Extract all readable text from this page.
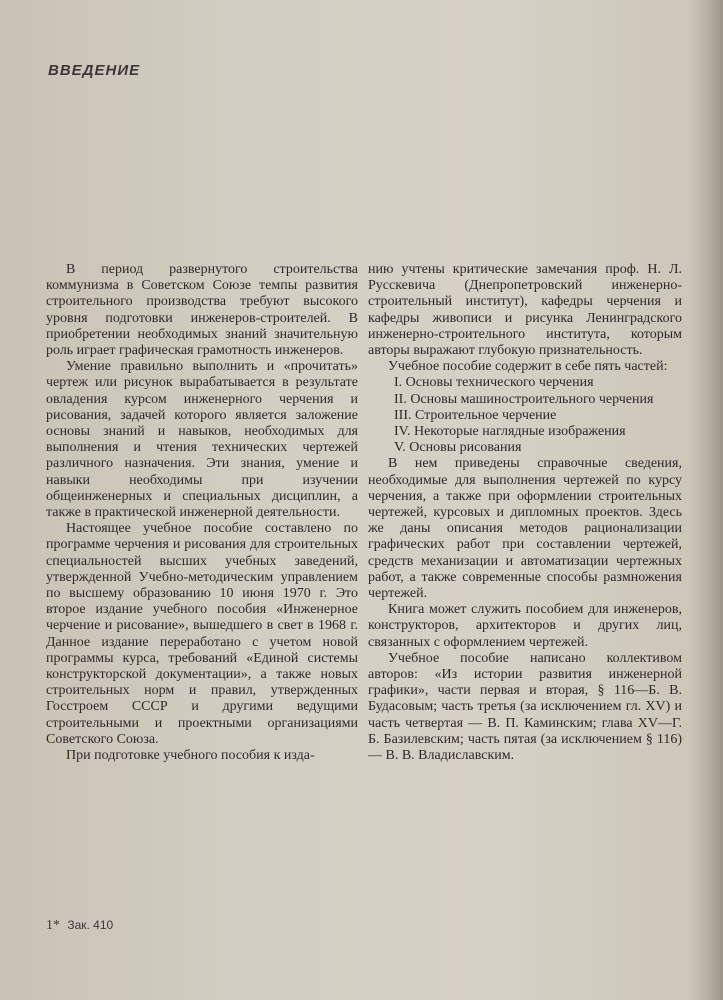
ВВЕДЕНИЕ

В период развернутого строительства коммунизма в Советском Союзе темпы развития строительного производства требуют высокого уровня подготовки инженеров-строителей. В приобретении необходимых знаний значительную роль играет графическая грамотность инженеров.

Умение правильно выполнить и «прочитать» чертеж или рисунок вырабатывается в результате овладения курсом инженерного черчения и рисования, задачей которого является заложение основы знаний и навыков, необходимых для выполнения и чтения технических чертежей различного назначения. Эти знания, умение и навыки необходимы при изучении общеинженерных и специальных дисциплин, а также в практической инженерной деятельности.

Настоящее учебное пособие составлено по программе черчения и рисования для строительных специальностей высших учебных заведений, утвержденной Учебно-методическим управлением по высшему образованию 10 июня 1970 г. Это второе издание учебного пособия «Инженерное черчение и рисование», вышедшего в свет в 1968 г. Данное издание переработано с учетом новой программы курса, требований «Единой системы конструкторской документации», а также новых строительных норм и правил, утвержденных Госстроем СССР и другими ведущими строительными и проектными организациями Советского Союза.

При подготовке учебного пособия к изда-

нию учтены критические замечания проф. Н. Л. Русскевича (Днепропетровский инженерно-строительный институт), кафедры черчения и кафедры живописи и рисунка Ленинградского инженерно-строительного института, которым авторы выражают глубокую признательность.

Учебное пособие содержит в себе пять частей:

I. Основы технического черчения
II. Основы машиностроительного черчения
III. Строительное черчение
IV. Некоторые наглядные изображения
V. Основы рисования

В нем приведены справочные сведения, необходимые для выполнения чертежей по курсу черчения, а также при оформлении строительных чертежей, курсовых и дипломных проектов. Здесь же даны описания методов рационализации графических работ при составлении чертежей, средств механизации и автоматизации чертежных работ, а также современные способы размножения чертежей.

Книга может служить пособием для инженеров, конструкторов, архитекторов и других лиц, связанных с оформлением чертежей.

Учебное пособие написано коллективом авторов: «Из истории развития инженерной графики», части первая и вторая, § 116—Б. В. Будасовым; часть третья (за исключением гл. XV) и часть четвертая — В. П. Каминским; глава XV—Г. Б. Базилевским; часть пятая (за исключением § 116) — В. В. Владиславским.

1* Зак. 410
